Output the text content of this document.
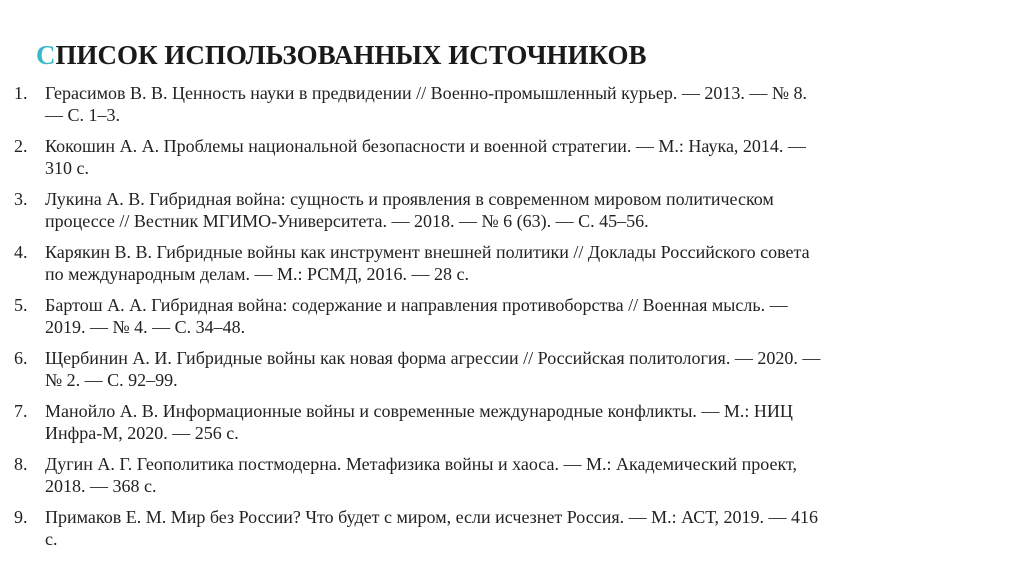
СПИСОК ИСПОЛЬЗОВАННЫХ ИСТОЧНИКОВ
1. Герасимов В. В. Ценность науки в предвидении // Военно-промышленный курьер. — 2013. — № 8.
— С. 1–3.
2. Кокошин А. А. Проблемы национальной безопасности и военной стратегии. — М.: Наука, 2014. —
310 с.
3. Лукина А. В. Гибридная война: сущность и проявления в современном мировом политическом
процессе // Вестник МГИМО-Университета. — 2018. — № 6 (63). — С. 45–56.
4. Карякин В. В. Гибридные войны как инструмент внешней политики // Доклады Российского совета
по международным делам. — М.: РСМД, 2016. — 28 с.
5. Бартош А. А. Гибридная война: содержание и направления противоборства // Военная мысль. —
2019. — № 4. — С. 34–48.
6. Щербинин А. И. Гибридные войны как новая форма агрессии // Российская политология. — 2020. —
№ 2. — С. 92–99.
7. Манойло А. В. Информационные войны и современные международные конфликты. — М.: НИЦ
Инфра-М, 2020. — 256 с.
8. Дугин А. Г. Геополитика постмодерна. Метафизика войны и хаоса. — М.: Академический проект,
2018. — 368 с.
9. Примаков Е. М. Мир без России? Что будет с миром, если исчезнет Россия. — М.: АСТ, 2019. — 416
с.
